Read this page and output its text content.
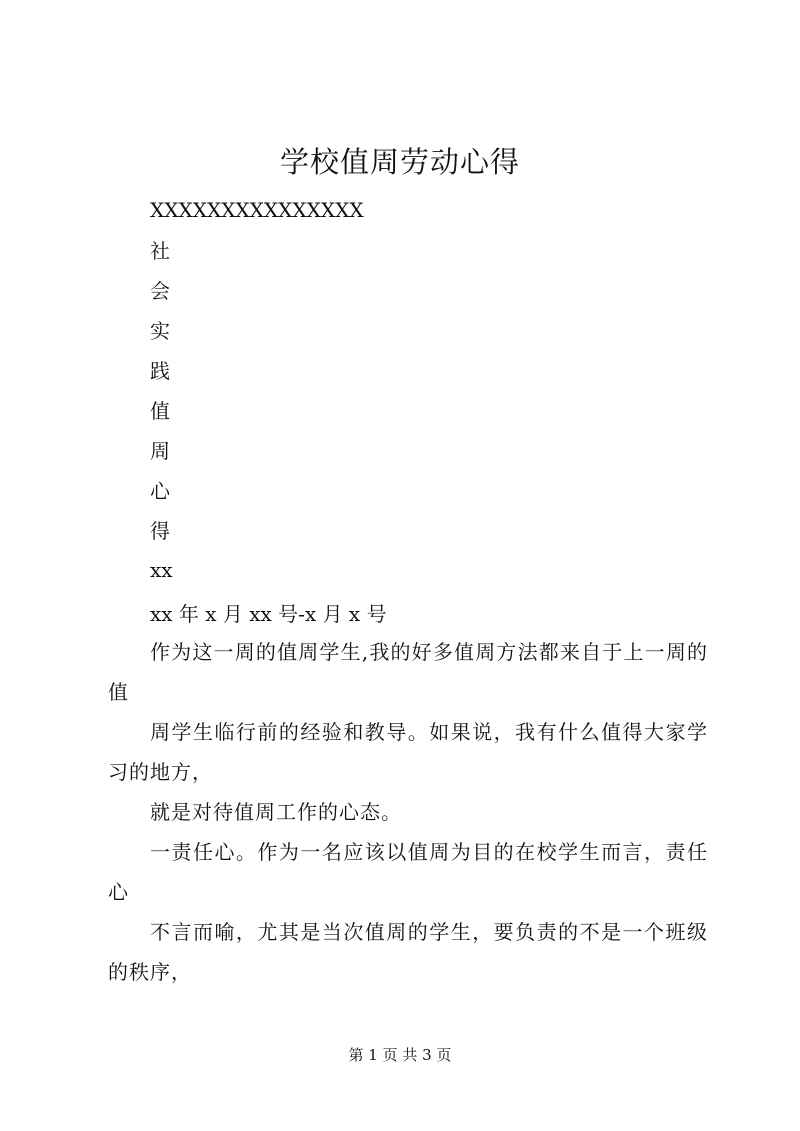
学校值周劳动心得
XXXXXXXXXXXXXXX
社
会
实
践
值
周
心
得
xx
xx 年 x 月 xx 号-x 月 x 号
作为这一周的值周学生,我的好多值周方法都来自于上一周的值
周学生临行前的经验和教导。如果说，我有什么值得大家学习的地方，
就是对待值周工作的心态。
一责任心。作为一名应该以值周为目的在校学生而言，责任心
不言而喻，尤其是当次值周的学生，要负责的不是一个班级的秩序，
第 1 页 共 3 页
